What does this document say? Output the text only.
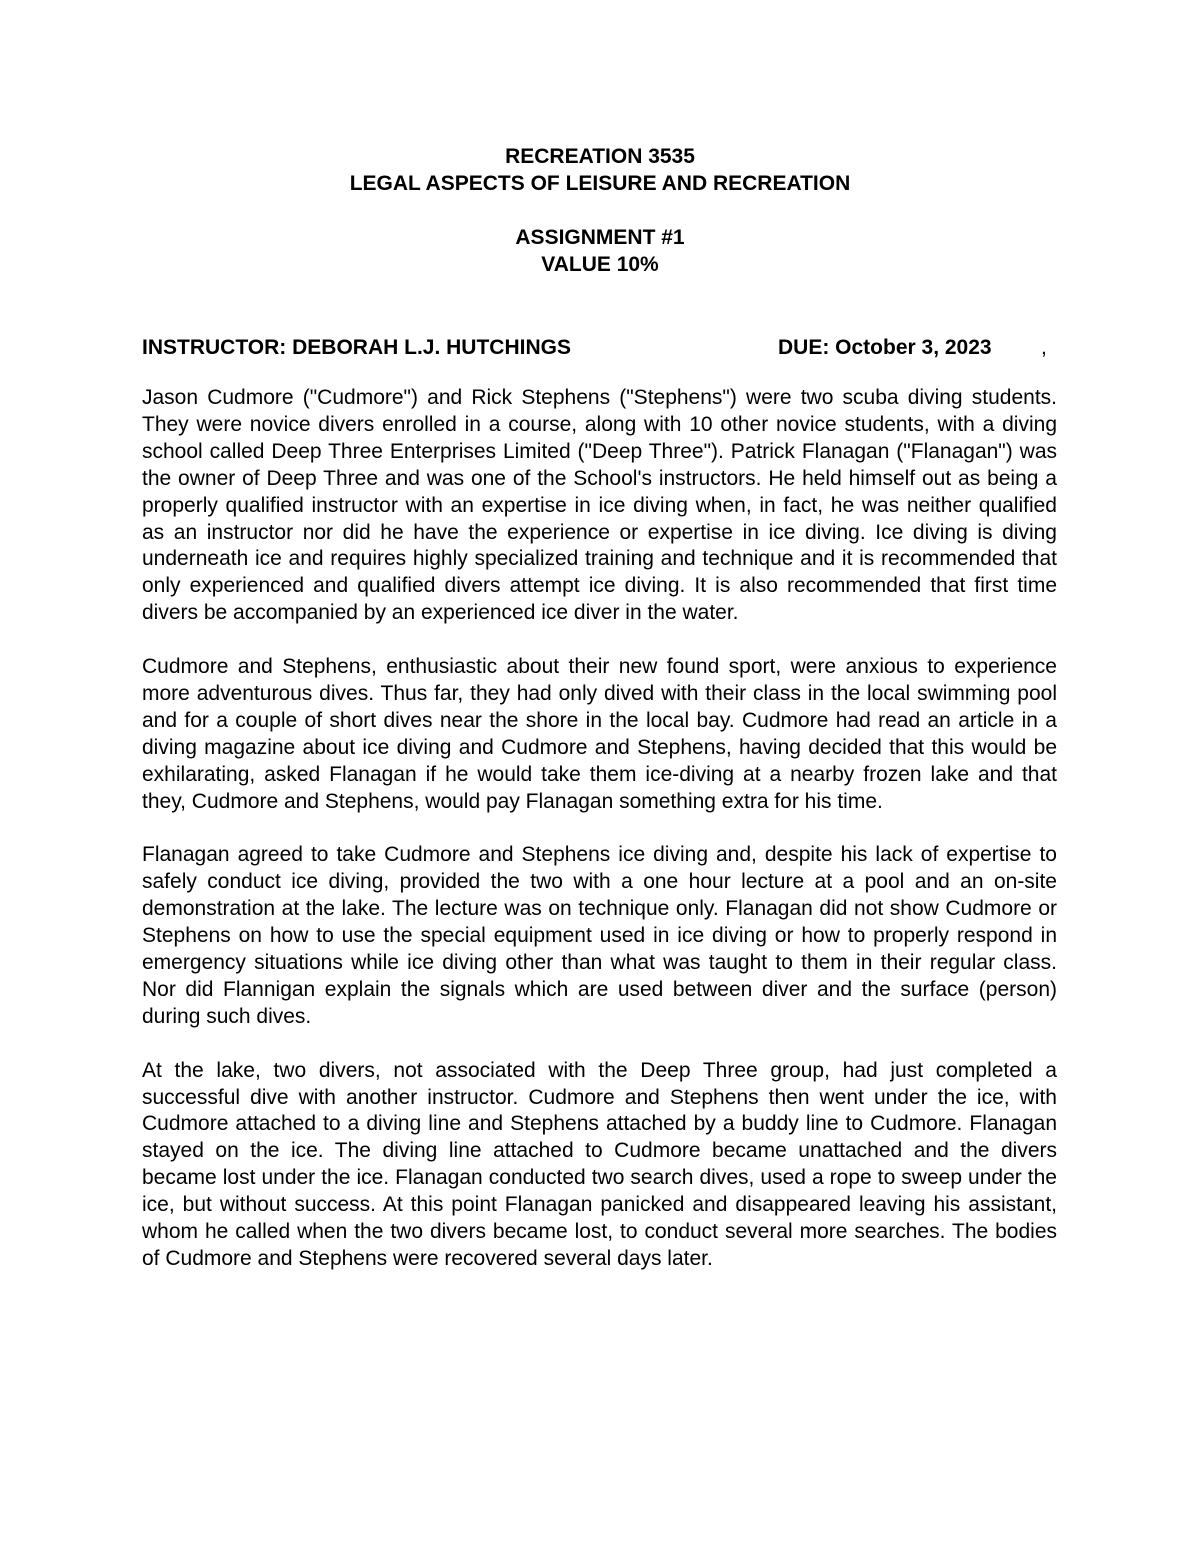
RECREATION 3535
LEGAL ASPECTS OF LEISURE AND RECREATION
ASSIGNMENT #1
VALUE 10%
INSTRUCTOR: DEBORAH L.J. HUTCHINGS	DUE: October 3, 2023 ,

Jason Cudmore ("Cudmore") and Rick Stephens ("Stephens") were two scuba diving students. They were novice divers enrolled in a course, along with 10 other novice students, with a diving school called Deep Three Enterprises Limited ("Deep Three"). Patrick Flanagan ("Flanagan") was the owner of Deep Three and was one of the School's instructors. He held himself out as being a properly qualified instructor with an expertise in ice diving when, in fact, he was neither qualified as an instructor nor did he have the experience or expertise in ice diving. Ice diving is diving underneath ice and requires highly specialized training and technique and it is recommended that only experienced and qualified divers attempt ice diving. It is also recommended that first time divers be accompanied by an experienced ice diver in the water.

Cudmore and Stephens, enthusiastic about their new found sport, were anxious to experience more adventurous dives. Thus far, they had only dived with their class in the local swimming pool and for a couple of short dives near the shore in the local bay. Cudmore had read an article in a diving magazine about ice diving and Cudmore and Stephens, having decided that this would be exhilarating, asked Flanagan if he would take them ice-diving at a nearby frozen lake and that they, Cudmore and Stephens, would pay Flanagan something extra for his time.

Flanagan agreed to take Cudmore and Stephens ice diving and, despite his lack of expertise to safely conduct ice diving, provided the two with a one hour lecture at a pool and an on-site demonstration at the lake. The lecture was on technique only. Flanagan did not show Cudmore or Stephens on how to use the special equipment used in ice diving or how to properly respond in emergency situations while ice diving other than what was taught to them in their regular class. Nor did Flannigan explain the signals which are used between diver and the surface (person) during such dives.

At the lake, two divers, not associated with the Deep Three group, had just completed a successful dive with another instructor. Cudmore and Stephens then went under the ice, with Cudmore attached to a diving line and Stephens attached by a buddy line to Cudmore. Flanagan stayed on the ice. The diving line attached to Cudmore became unattached and the divers became lost under the ice. Flanagan conducted two search dives, used a rope to sweep under the ice, but without success. At this point Flanagan panicked and disappeared leaving his assistant, whom he called when the two divers became lost, to conduct several more searches. The bodies of Cudmore and Stephens were recovered several days later.
